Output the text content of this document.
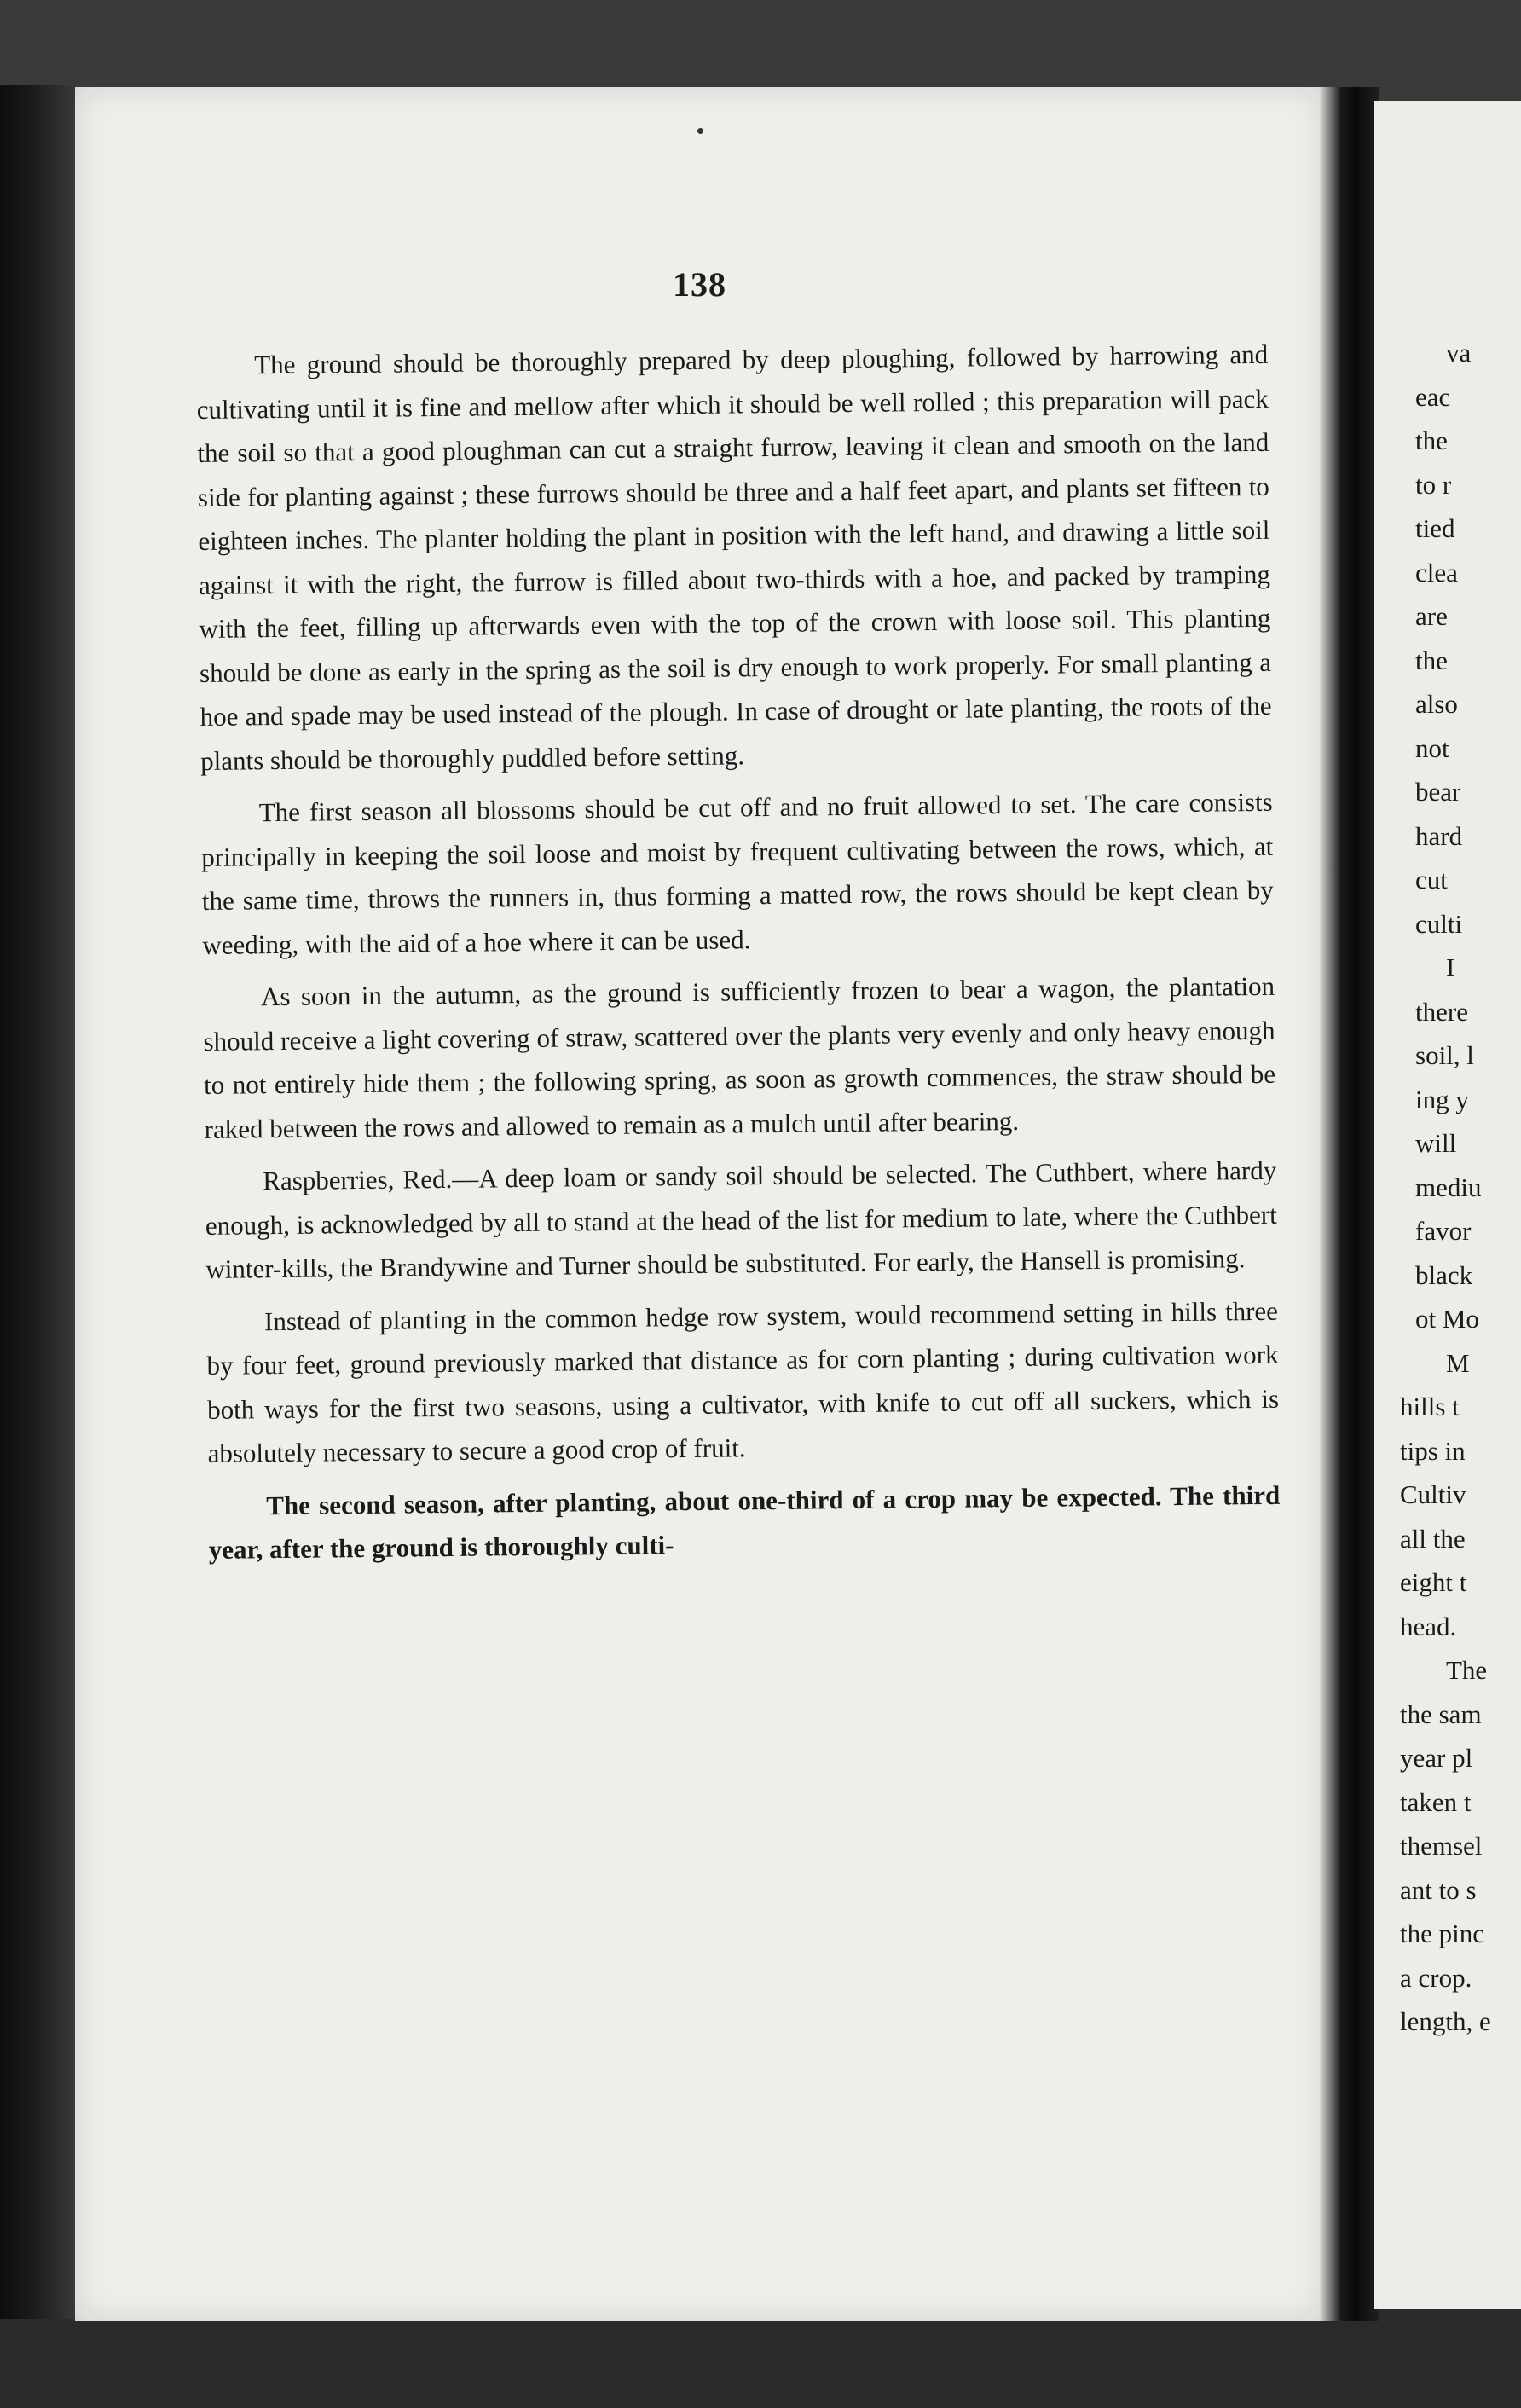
138

The ground should be thoroughly prepared by deep ploughing, followed by harrowing and cultivating until it is fine and mellow after which it should be well rolled ; this preparation will pack the soil so that a good ploughman can cut a straight furrow, leaving it clean and smooth on the land side for planting against ; these furrows should be three and a half feet apart, and plants set fifteen to eighteen inches. The planter holding the plant in position with the left hand, and drawing a little soil against it with the right, the furrow is filled about two-thirds with a hoe, and packed by tramping with the feet, filling up afterwards even with the top of the crown with loose soil. This planting should be done as early in the spring as the soil is dry enough to work properly. For small planting a hoe and spade may be used instead of the plough. In case of drought or late planting, the roots of the plants should be thoroughly puddled before setting.

The first season all blossoms should be cut off and no fruit allowed to set. The care consists principally in keeping the soil loose and moist by frequent cultivating between the rows, which, at the same time, throws the runners in, thus forming a matted row, the rows should be kept clean by weeding, with the aid of a hoe where it can be used.

As soon in the autumn, as the ground is sufficiently frozen to bear a wagon, the plantation should receive a light covering of straw, scattered over the plants very evenly and only heavy enough to not entirely hide them ; the following spring, as soon as growth commences, the straw should be raked between the rows and allowed to remain as a mulch until after bearing.

Raspberries, Red.—A deep loam or sandy soil should be selected. The Cuthbert, where hardy enough, is acknowledged by all to stand at the head of the list for medium to late, where the Cuthbert winter-kills, the Brandywine and Turner should be substituted. For early, the Hansell is promising.

Instead of planting in the common hedge row system, would recommend setting in hills three by four feet, ground previously marked that distance as for corn planting ; during cultivation work both ways for the first two seasons, using a cultivator, with knife to cut off all suckers, which is absolutely necessary to secure a good crop of fruit.

The second season, after planting, about one-third of a crop may be expected. The third year, after the ground is thoroughly culti-

va
eac
the
to r
tied
clea
are
the
also
not
bear
hard
cut
culti
I
there
soil, l
ing y
will
mediu
favor
black
ot Mo
M
hills t
tips in
Cultiv
all the
eight t
head.
The
the sam
year pl
taken t
themsel
ant to s
the pinc
a crop.
length, e
